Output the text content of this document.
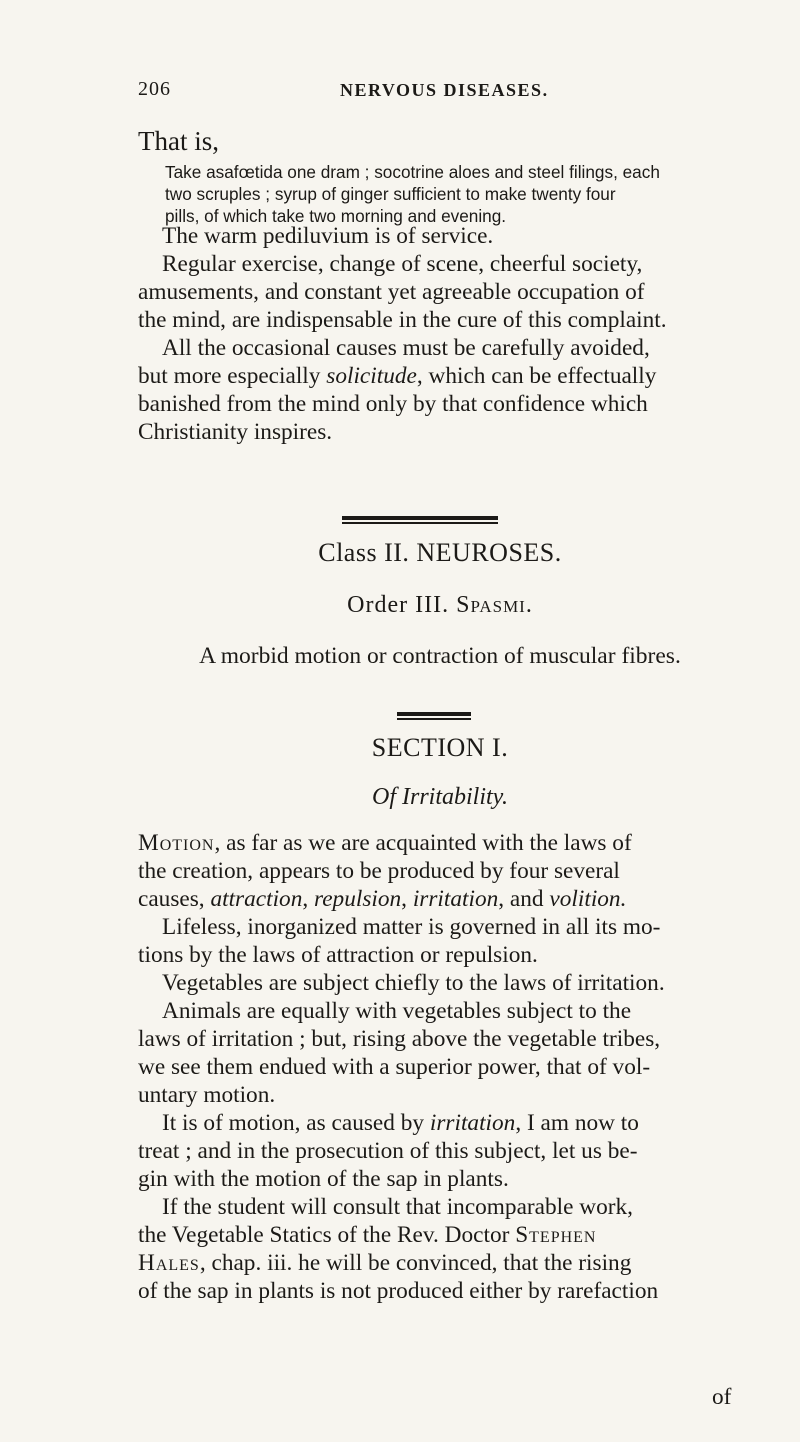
206	NERVOUS DISEASES.
That is,

Take asafœtida one dram ; socotrine aloes and steel filings, each
two scruples ; syrup of ginger sufficient to make twenty four
pills, of which take two morning and evening.

The warm pediluvium is of service.
Regular exercise, change of scene, cheerful society,
amusements, and constant yet agreeable occupation of
the mind, are indispensable in the cure of this complaint.
All the occasional causes must be carefully avoided,
but more especially solicitude, which can be effectually
banished from the mind only by that confidence which
Christianity inspires.

Class II. NEUROSES.
Order III. Spasmi.
A morbid motion or contraction of muscular fibres.
SECTION I.
Of Irritability.

Motion, as far as we are acquainted with the laws of
the creation, appears to be produced by four several
causes, attraction, repulsion, irritation, and volition.
Lifeless, inorganized matter is governed in all its mo-
tions by the laws of attraction or repulsion.
Vegetables are subject chiefly to the laws of irritation.
Animals are equally with vegetables subject to the
laws of irritation ; but, rising above the vegetable tribes,
we see them endued with a superior power, that of vol-
untary motion.
It is of motion, as caused by irritation, I am now to
treat ; and in the prosecution of this subject, let us be-
gin with the motion of the sap in plants.
If the student will consult that incomparable work,
the Vegetable Statics of the Rev. Doctor Stephen
Hales, chap. iii. he will be convinced, that the rising
of the sap in plants is not produced either by rarefaction

of
